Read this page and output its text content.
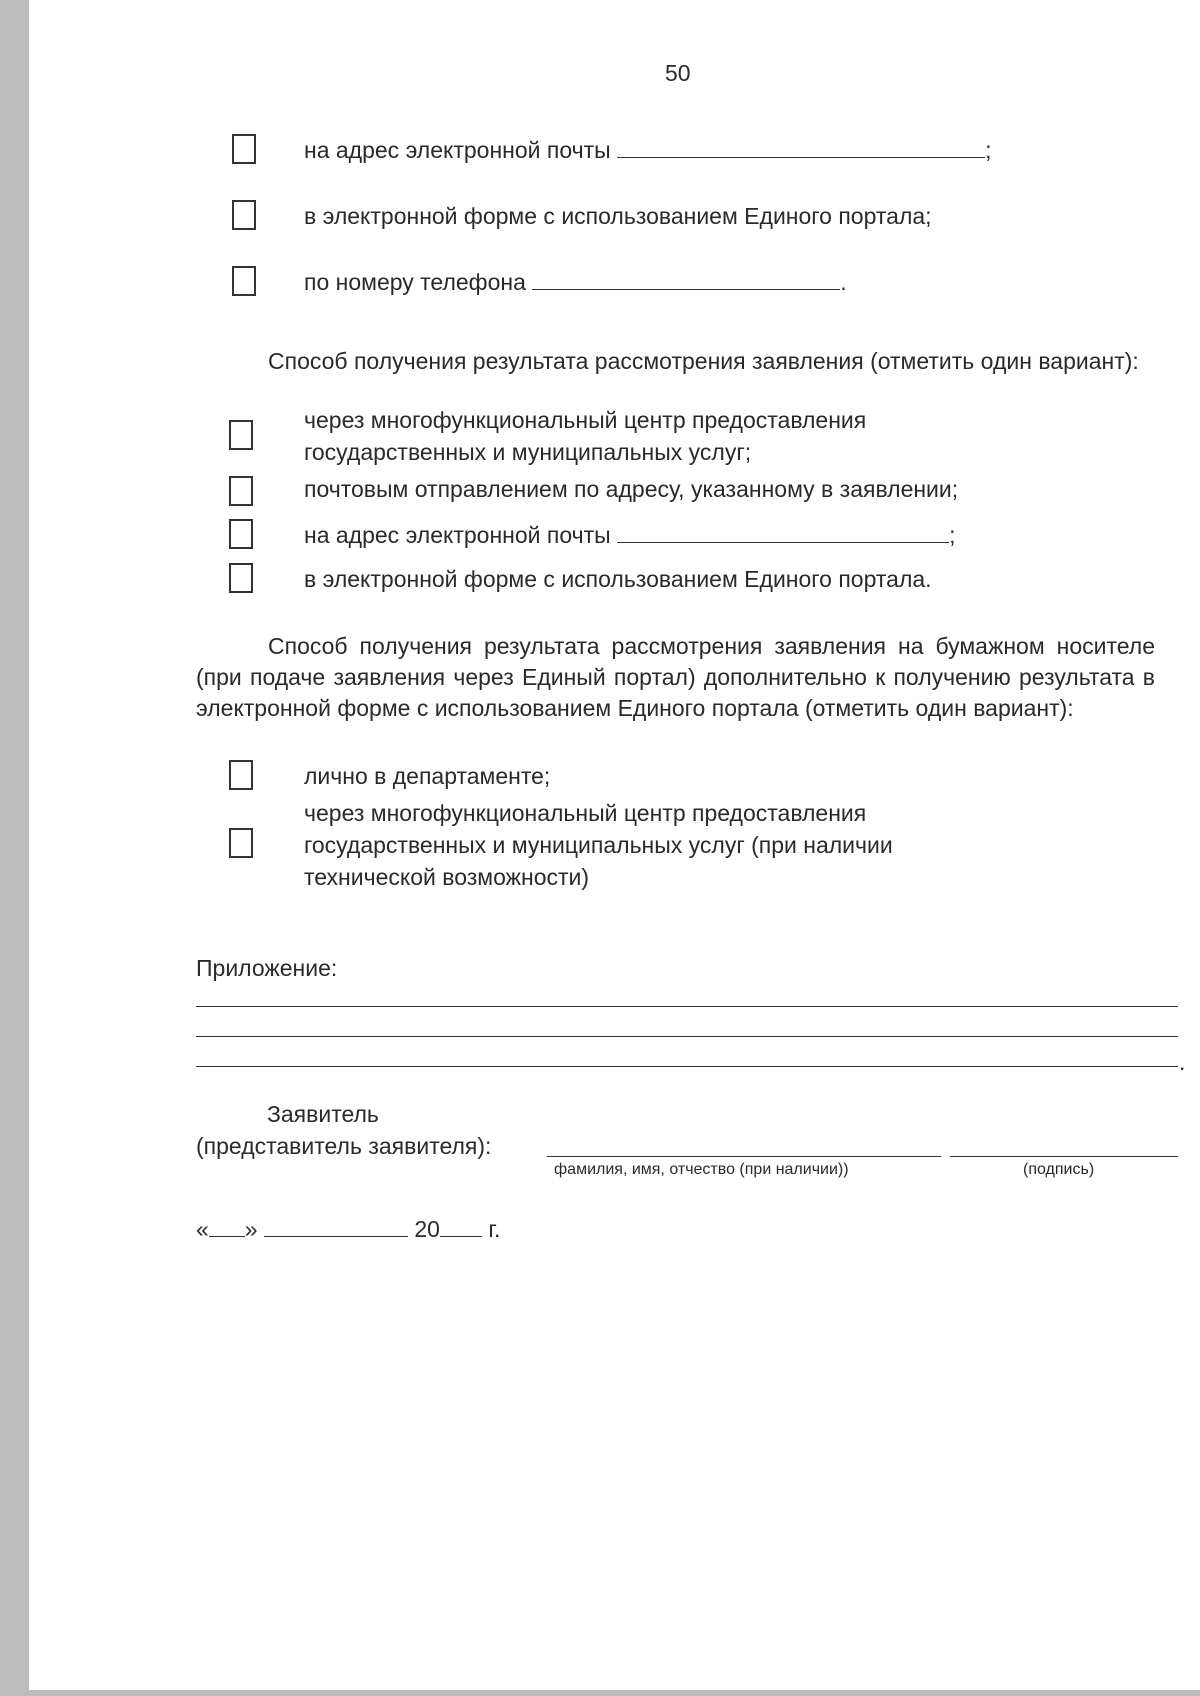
50
на адрес электронной почты	;
в электронной форме с использованием Единого портала;
по номеру телефона	.
Способ получения результата рассмотрения заявления (отметить один вариант):
через многофункциональный центр предоставления
государственных и муниципальных услуг;
почтовым отправлением по адресу, указанному в заявлении;
на адрес электронной почты	;
в электронной форме с использованием Единого портала.
Способ получения результата рассмотрения заявления на бумажном носителе (при подаче заявления через Единый портал) дополнительно к получению результата в электронной форме с использованием Единого портала (отметить один вариант):
лично в департаменте;
через многофункциональный центр предоставления
государственных и муниципальных услуг (при наличии
технической возможности)
Приложение:
.
Заявитель
(представитель заявителя):
фамилия, имя, отчество (при наличии))	(подпись)
« »	20 г.
